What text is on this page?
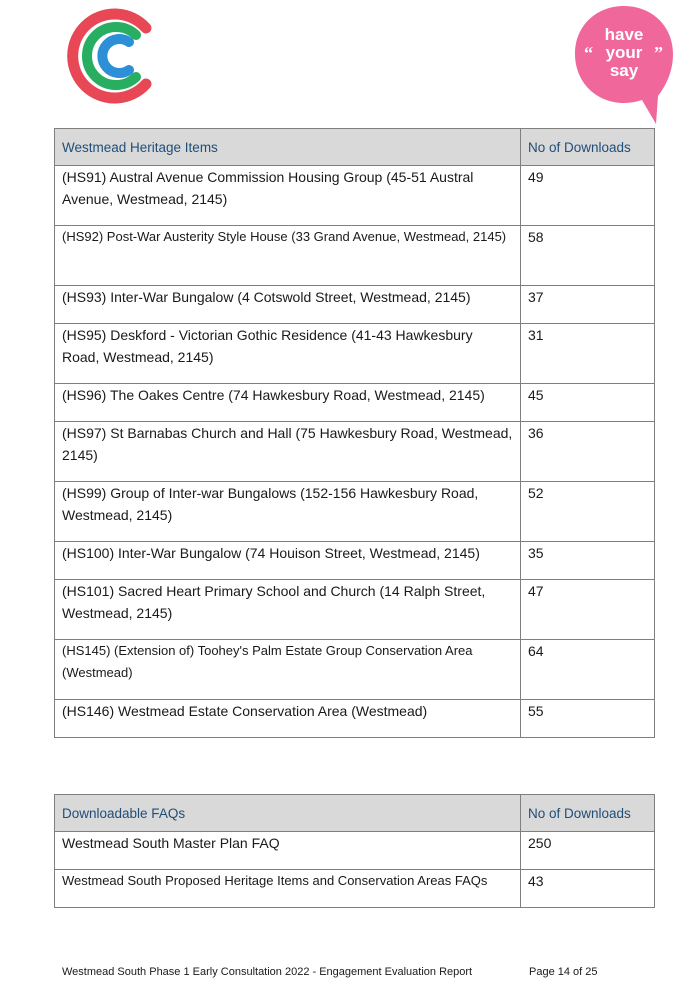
have
your
say
“	”
Westmead Heritage Items	No of Downloads
(HS91) Austral Avenue Commission Housing Group (45-51 Austral Avenue, Westmead, 2145)	49
(HS92) Post-War Austerity Style House (33 Grand Avenue, Westmead, 2145)	58
(HS93) Inter-War Bungalow (4 Cotswold Street, Westmead, 2145)	37
(HS95) Deskford - Victorian Gothic Residence (41-43 Hawkesbury Road, Westmead, 2145)	31
(HS96) The Oakes Centre (74 Hawkesbury Road, Westmead, 2145)	45
(HS97) St Barnabas Church and Hall (75 Hawkesbury Road, Westmead, 2145)	36
(HS99) Group of Inter-war Bungalows (152-156 Hawkesbury Road, Westmead, 2145)	52
(HS100) Inter-War Bungalow (74 Houison Street, Westmead, 2145)	35
(HS101) Sacred Heart Primary School and Church (14 Ralph Street, Westmead, 2145)	47
(HS145) (Extension of) Toohey's Palm Estate Group Conservation Area (Westmead)	64
(HS146) Westmead Estate Conservation Area (Westmead)	55
Downloadable FAQs	No of Downloads
Westmead South Master Plan FAQ	250
Westmead South Proposed Heritage Items and Conservation Areas FAQs	43
Westmead South Phase 1 Early Consultation 2022 - Engagement Evaluation Report	Page 14 of 25
